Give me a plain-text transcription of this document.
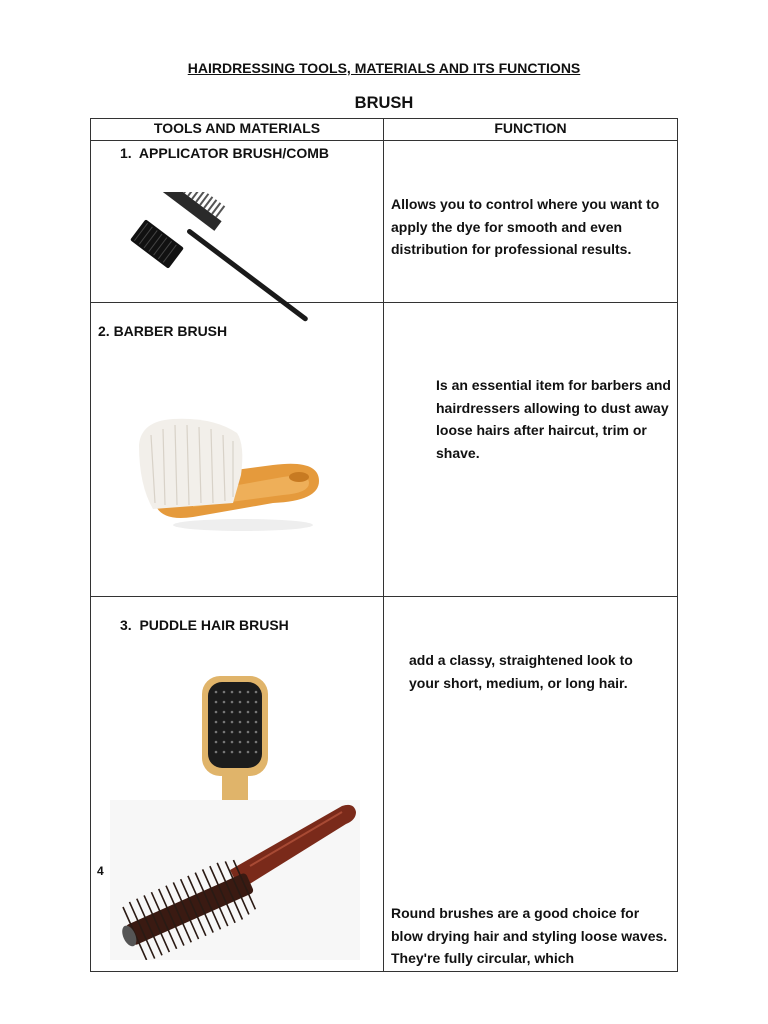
HAIRDRESSING TOOLS, MATERIALS AND ITS FUNCTIONS
BRUSH
TOOLS AND MATERIALS	FUNCTION
1.  APPLICATOR BRUSH/COMB
Allows you to control where you want to apply the dye for smooth and even distribution for professional results.
2. BARBER BRUSH
Is an essential item for barbers and hairdressers allowing to dust away loose hairs after haircut, trim or shave.
3.  PUDDLE HAIR BRUSH
add a classy, straightened look to your short, medium, or long hair.
4
Round brushes are a good choice for blow drying hair and styling loose waves. They're fully circular, which
